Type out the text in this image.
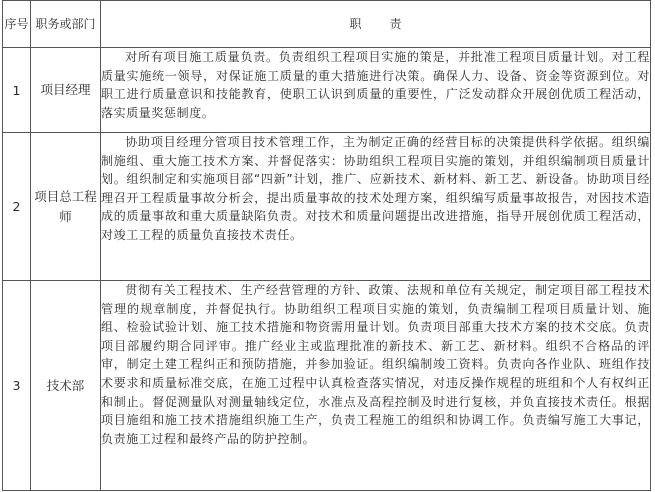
序号	职务或部门	职责
1	项目经理	对所有项目施工质量负责。负责组织工程项目实施的策是，并批准工程项目质量计划。对工程质量实施统一领导，对保证施工质量的重大措施进行决策。确保人力、设备、资金等资源到位。对职工进行质量意识和技能教育，使职工认识到质量的重要性，广泛发动群众开展创优质工程活动，落实质量奖惩制度。
2	项目总工程师	协助项目经理分管项目技术管理工作，主为制定正确的经营目标的决策提供科学依据。组织编制施组、重大施工技术方案、并督促落实：协助组织工程项目实施的策划，并组织编制项目质量计划。组织制定和实施项目部“四新”计划，推广、应新技术、新材料、新工艺、新设备。协助项目经理召开工程质量事故分析会，提出质量事故的技术处理方案，组织编写质量事故报告，对因技术造成的质量事故和重大质量缺陷负责。对技术和质量问题提出改进措施，指导开展创优质工程活动，对竣工工程的质量负直接技术责任。
3	技术部	贯彻有关工程技术、生产经营管理的方针、政策、法规和单位有关规定，制定项目部工程技术管理的规章制度，并督促执行。协助组织工程项目实施的策划，负责编制工程项目质量计划、施组、检验试验计划、施工技术措施和物资需用量计划。负责项目部重大技术方案的技术交底。负责项目部履约期合同评审。推广经业主或监理批准的新技术、新工艺、新材料。组织不合格品的评审，制定土建工程纠正和预防措施，并参加验证。组织编制竣工资料。负责向各作业队、班组作技术要求和质量标准交底，在施工过程中认真检查落实情况，对违反操作规程的班组和个人有权纠正和制止。督促测量队对测量轴线定位，水准点及高程控制及时进行复核，并负直接技术责任。根据项目施组和施工技术措施组织施工生产，负责工程施工的组织和协调工作。负责编写施工大事记，负责施工过程和最终产品的防护控制。
